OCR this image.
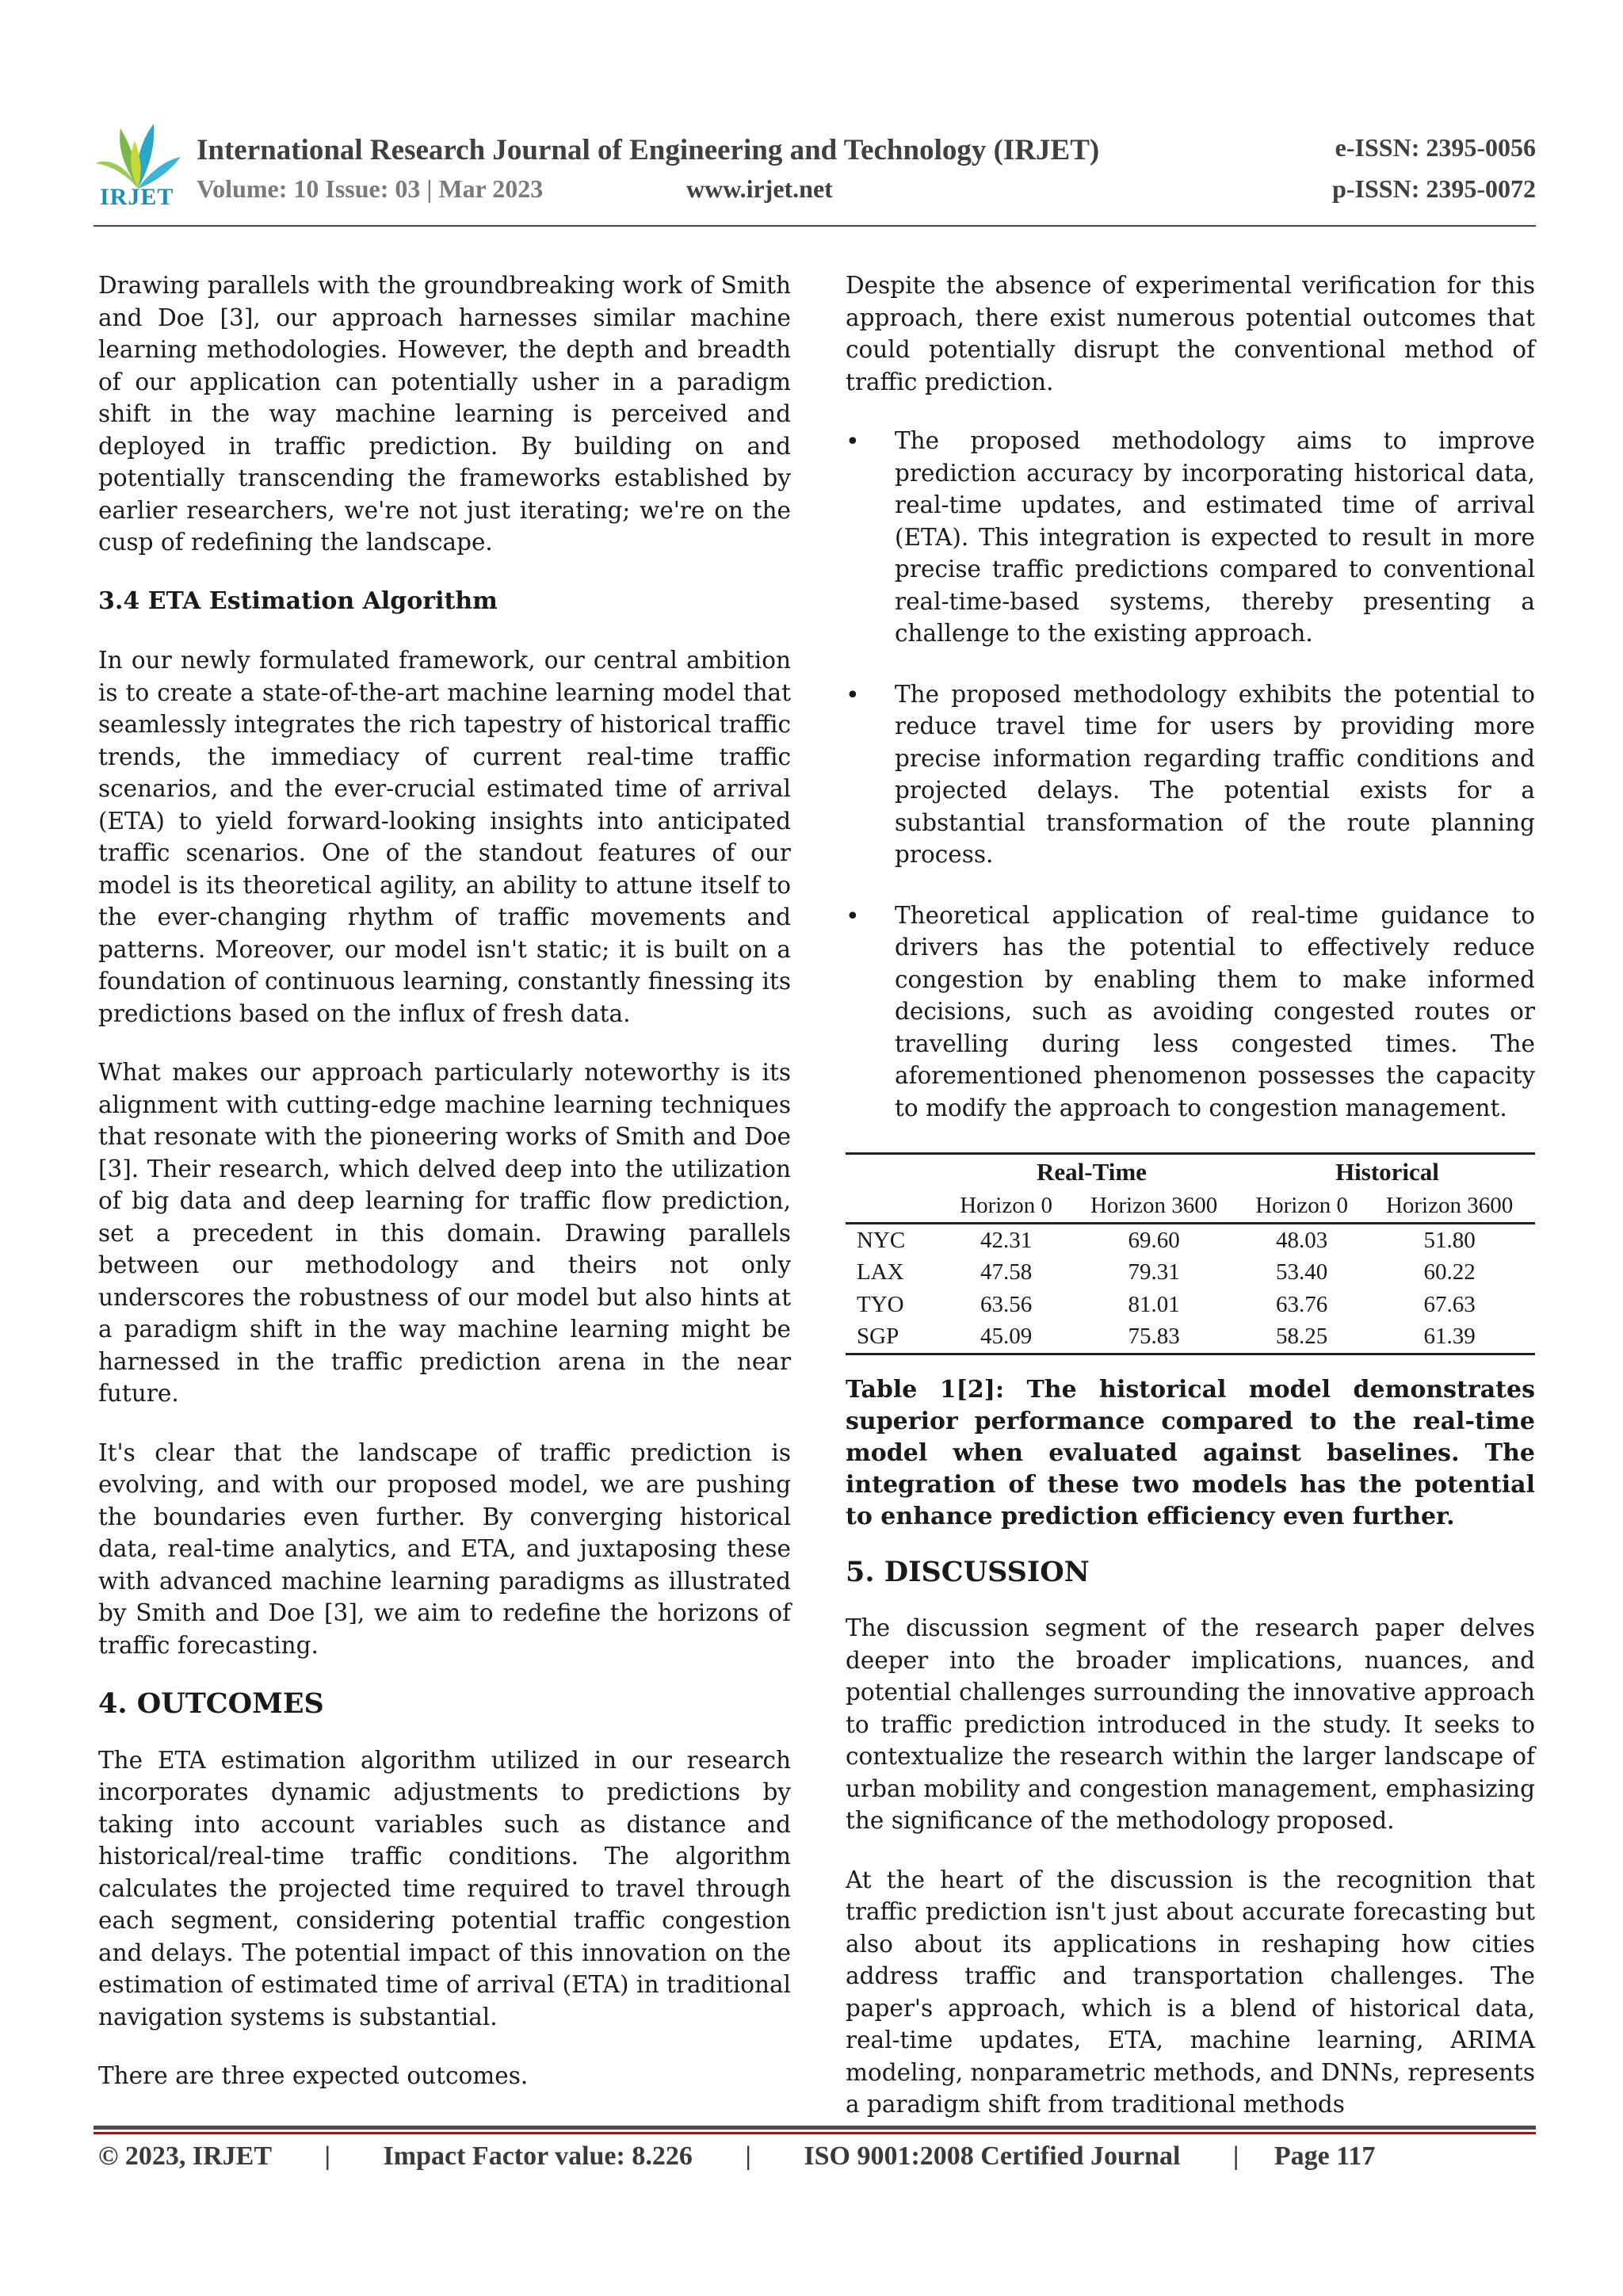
IRJET
International Research Journal of Engineering and Technology (IRJET)
Volume: 10 Issue: 03 | Mar 2023	www.irjet.net
e-ISSN: 2395-0056
p-ISSN: 2395-0072

Drawing parallels with the groundbreaking work of Smith and Doe [3], our approach harnesses similar machine learning methodologies. However, the depth and breadth of our application can potentially usher in a paradigm shift in the way machine learning is perceived and deployed in traffic prediction. By building on and potentially transcending the frameworks established by earlier researchers, we're not just iterating; we're on the cusp of redefining the landscape.

3.4 ETA Estimation Algorithm

In our newly formulated framework, our central ambition is to create a state-of-the-art machine learning model that seamlessly integrates the rich tapestry of historical traffic trends, the immediacy of current real-time traffic scenarios, and the ever-crucial estimated time of arrival (ETA) to yield forward-looking insights into anticipated traffic scenarios. One of the standout features of our model is its theoretical agility, an ability to attune itself to the ever-changing rhythm of traffic movements and patterns. Moreover, our model isn't static; it is built on a foundation of continuous learning, constantly finessing its predictions based on the influx of fresh data.

What makes our approach particularly noteworthy is its alignment with cutting-edge machine learning techniques that resonate with the pioneering works of Smith and Doe [3]. Their research, which delved deep into the utilization of big data and deep learning for traffic flow prediction, set a precedent in this domain. Drawing parallels between our methodology and theirs not only underscores the robustness of our model but also hints at a paradigm shift in the way machine learning might be harnessed in the traffic prediction arena in the near future.

It's clear that the landscape of traffic prediction is evolving, and with our proposed model, we are pushing the boundaries even further. By converging historical data, real-time analytics, and ETA, and juxtaposing these with advanced machine learning paradigms as illustrated by Smith and Doe [3], we aim to redefine the horizons of traffic forecasting.

4. OUTCOMES

The ETA estimation algorithm utilized in our research incorporates dynamic adjustments to predictions by taking into account variables such as distance and historical/real-time traffic conditions. The algorithm calculates the projected time required to travel through each segment, considering potential traffic congestion and delays. The potential impact of this innovation on the estimation of estimated time of arrival (ETA) in traditional navigation systems is substantial.

There are three expected outcomes.

Despite the absence of experimental verification for this approach, there exist numerous potential outcomes that could potentially disrupt the conventional method of traffic prediction.

• The proposed methodology aims to improve prediction accuracy by incorporating historical data, real-time updates, and estimated time of arrival (ETA). This integration is expected to result in more precise traffic predictions compared to conventional real-time-based systems, thereby presenting a challenge to the existing approach.
• The proposed methodology exhibits the potential to reduce travel time for users by providing more precise information regarding traffic conditions and projected delays. The potential exists for a substantial transformation of the route planning process.
• Theoretical application of real-time guidance to drivers has the potential to effectively reduce congestion by enabling them to make informed decisions, such as avoiding congested routes or travelling during less congested times. The aforementioned phenomenon possesses the capacity to modify the approach to congestion management.
	Real-Time		Historical	
	Horizon 0	Horizon 3600	Horizon 0	Horizon 3600
NYC	42.31	69.60	48.03	51.80
LAX	47.58	79.31	53.40	60.22
TYO	63.56	81.01	63.76	67.63
SGP	45.09	75.83	58.25	61.39
Table 1[2]: The historical model demonstrates superior performance compared to the real-time model when evaluated against baselines. The integration of these two models has the potential to enhance prediction efficiency even further.
5. DISCUSSION

The discussion segment of the research paper delves deeper into the broader implications, nuances, and potential challenges surrounding the innovative approach to traffic prediction introduced in the study. It seeks to contextualize the research within the larger landscape of urban mobility and congestion management, emphasizing the significance of the methodology proposed.

At the heart of the discussion is the recognition that traffic prediction isn't just about accurate forecasting but also about its applications in reshaping how cities address traffic and transportation challenges. The paper's approach, which is a blend of historical data, real-time updates, ETA, machine learning, ARIMA modeling, nonparametric methods, and DNNs, represents a paradigm shift from traditional methods

© 2023, IRJET | Impact Factor value: 8.226 | ISO 9001:2008 Certified Journal | Page 117
